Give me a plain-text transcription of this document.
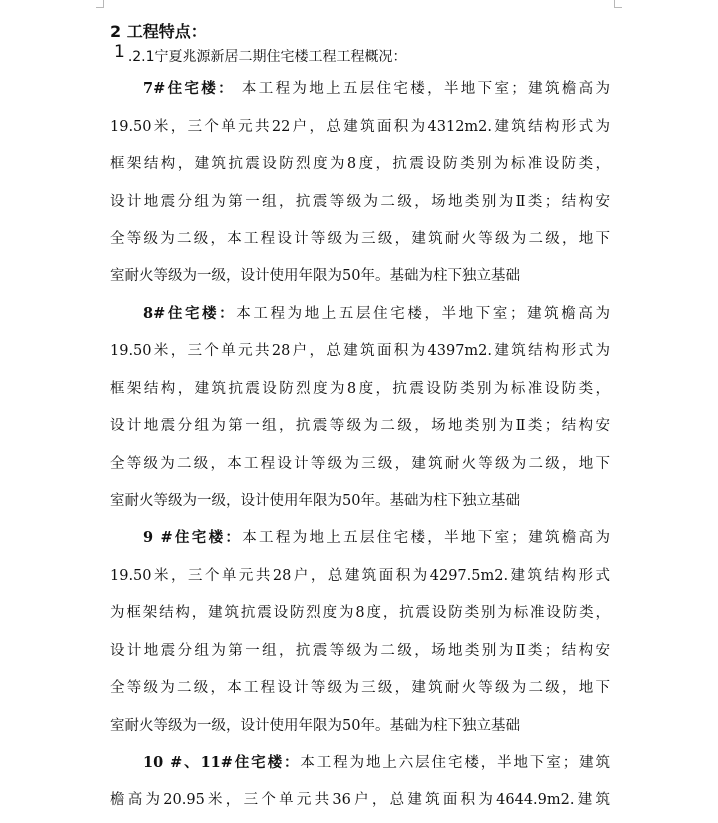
2 工程特点：
1 .2.1宁夏兆源新居二期住宅楼工程工程概况：
7#住宅楼： 本工程为地上五层住宅楼，半地下室；建筑檐高为
19.50米，三个单元共22户，总建筑面积为4312m2.建筑结构形式为
框架结构，建筑抗震设防烈度为8度，抗震设防类别为标准设防类，
设计地震分组为第一组，抗震等级为二级，场地类别为Ⅱ类；结构安
全等级为二级，本工程设计等级为三级，建筑耐火等级为二级，地下
室耐火等级为一级，设计使用年限为50年。基础为柱下独立基础
8#住宅楼：本工程为地上五层住宅楼，半地下室；建筑檐高为
19.50米，三个单元共28户，总建筑面积为4397m2.建筑结构形式为
框架结构，建筑抗震设防烈度为8度，抗震设防类别为标准设防类，
设计地震分组为第一组，抗震等级为二级，场地类别为Ⅱ类；结构安
全等级为二级，本工程设计等级为三级，建筑耐火等级为二级，地下
室耐火等级为一级，设计使用年限为50年。基础为柱下独立基础
9 #住宅楼：本工程为地上五层住宅楼，半地下室；建筑檐高为
19.50米，三个单元共28户，总建筑面积为4297.5m2.建筑结构形式
为框架结构，建筑抗震设防烈度为8度，抗震设防类别为标准设防类，
设计地震分组为第一组，抗震等级为二级，场地类别为Ⅱ类；结构安
全等级为二级，本工程设计等级为三级，建筑耐火等级为二级，地下
室耐火等级为一级，设计使用年限为50年。基础为柱下独立基础
10 #、11#住宅楼：本工程为地上六层住宅楼，半地下室；建筑
檐高为20.95米，三个单元共36户，总建筑面积为4644.9m2.建筑
